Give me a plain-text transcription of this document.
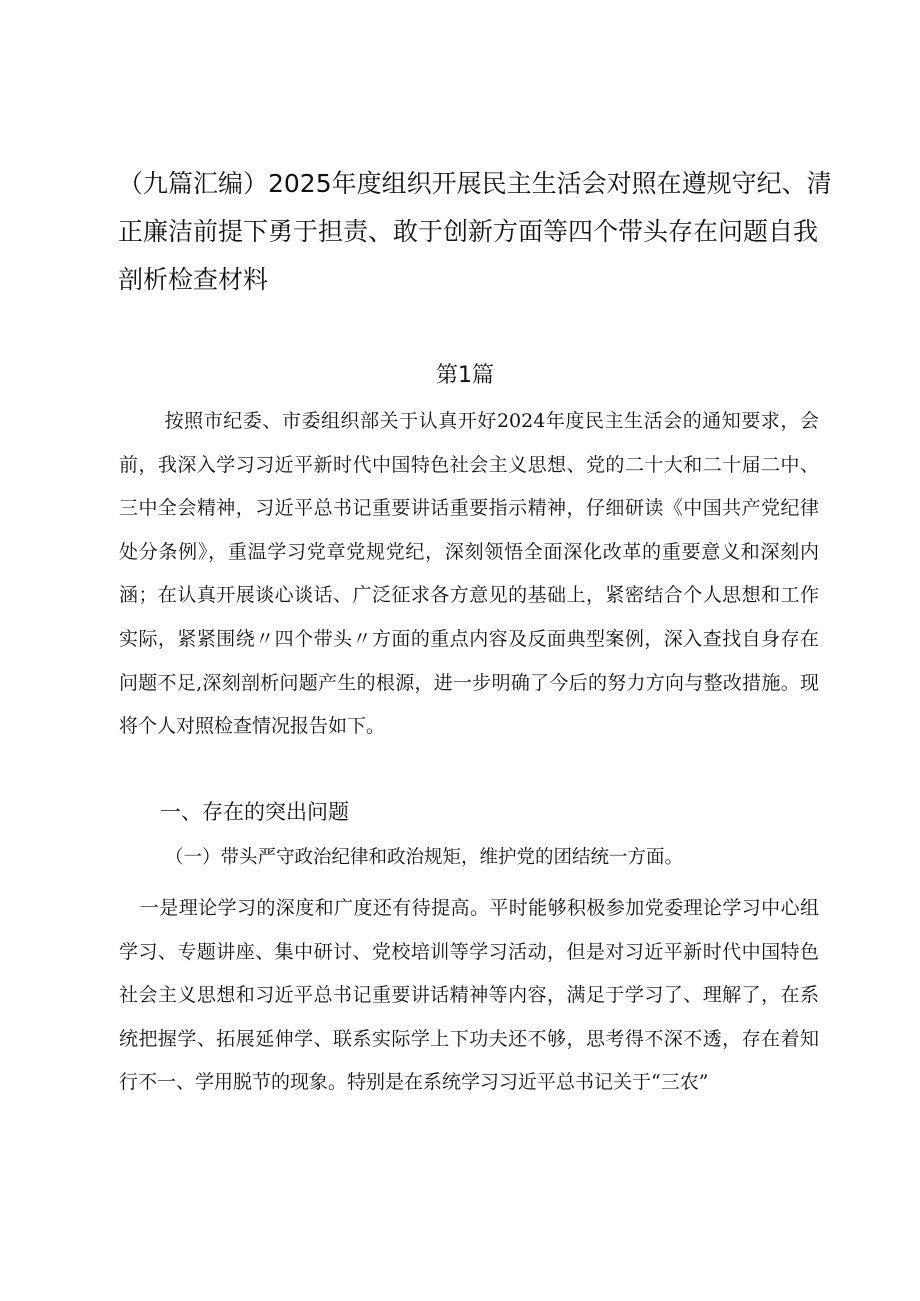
（九篇汇编）2025年度组织开展民主生活会对照在遵规守纪、清正廉洁前提下勇于担责、敢于创新方面等四个带头存在问题自我剖析检查材料
第1篇

按照市纪委、市委组织部关于认真开好2024年度民主生活会的通知要求，会前，我深入学习习近平新时代中国特色社会主义思想、党的二十大和二十届二中、三中全会精神，习近平总书记重要讲话重要指示精神，仔细研读《中国共产党纪律处分条例》，重温学习党章党规党纪，深刻领悟全面深化改革的重要意义和深刻内涵；在认真开展谈心谈话、广泛征求各方意见的基础上，紧密结合个人思想和工作实际，紧紧围绕〃四个带头〃方面的重点内容及反面典型案例，深入查找自身存在问题不足,深刻剖析问题产生的根源，进一步明确了今后的努力方向与整改措施。现将个人对照检查情况报告如下。

一、存在的突出问题

（一）带头严守政治纪律和政治规矩，维护党的团结统一方面。

一是理论学习的深度和广度还有待提高。平时能够积极参加党委理论学习中心组学习、专题讲座、集中研讨、党校培训等学习活动，但是对习近平新时代中国特色社会主义思想和习近平总书记重要讲话精神等内容，满足于学习了、理解了，在系统把握学、拓展延伸学、联系实际学上下功夫还不够，思考得不深不透，存在着知行不一、学用脱节的现象。特别是在系统学习习近平总书记关于“三农”
